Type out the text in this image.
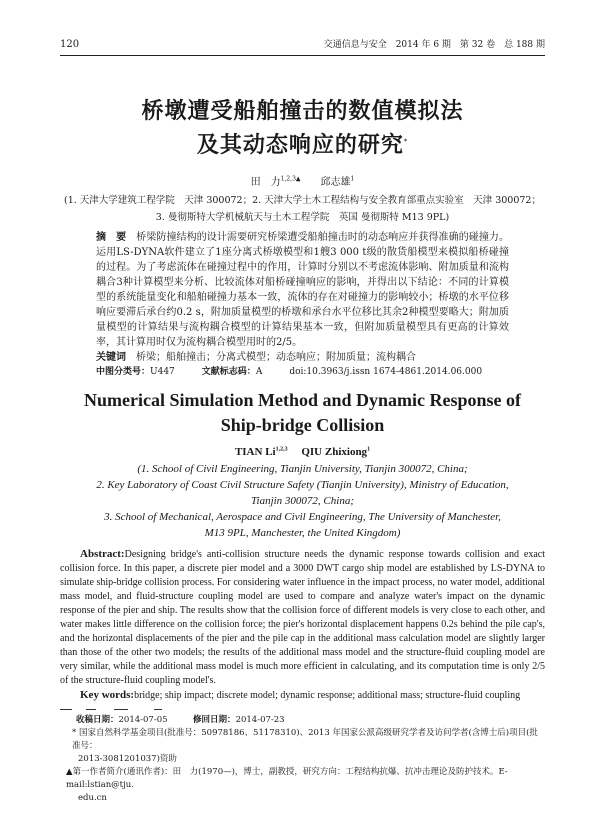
120	交通信息与安全　2014 年 6 期　第 32 卷　总 188 期
桥墩遭受船舶撞击的数值模拟法
及其动态响应的研究*
田　力$^{1,2,3▲}$　　 邱志雄$^1$
(1. 天津大学建筑工程学院　天津 300072；2. 天津大学土木工程结构与安全教育部重点实验室　天津 300072；
3. 曼彻斯特大学机械航天与土木工程学院　英国 曼彻斯特 M13 9PL)
摘　要 桥梁防撞结构的设计需要研究桥梁遭受船舶撞击时的动态响应并获得准确的碰撞力。运用LS-DYNA软件建立了1座分离式桥墩模型和1艘3 000 t级的散货船模型来模拟船桥碰撞的过程。为了考虑流体在碰撞过程中的作用，计算时分别以不考虑流体影响、附加质量和流构耦合3种计算模型来分析、比较流体对船桥碰撞响应的影响，并得出以下结论：不同的计算模型的系统能量变化和船舶碰撞力基本一致，流体的存在对碰撞力的影响较小；桥墩的水平位移响应要滞后承台约0.2 s，附加质量模型的桥墩和承台水平位移比其余2种模型要略大；附加质量模型的计算结果与流构耦合模型的计算结果基本一致，但附加质量模型具有更高的计算效率，其计算用时仅为流构耦合模型用时的2/5。
关键词 桥梁；船舶撞击；分离式模型；动态响应；附加质量；流构耦合
中图分类号：U447　　　	文献标志码：A　　　	doi:10.3963/j.issn 1674-4861.2014.06.000
Numerical Simulation Method and Dynamic Response of
Ship-bridge Collision
TIAN Li$^{1,2,3}$　 QIU Zhixiong$^1$
(1. School of Civil Engineering, Tianjin University, Tianjin 300072, China;
2. Key Laboratory of Coast Civil Structure Safety (Tianjin University), Ministry of Education,
Tianjin 300072, China;
3. School of Mechanical, Aerospace and Civil Engineering, The University of Manchester,
M13 9PL, Manchester, the United Kingdom)
Abstract:Designing bridge's anti-collision structure needs the dynamic response towards collision and exact collision force. In this paper, a discrete pier model and a 3000 DWT cargo ship model are established by LS-DYNA to simulate ship-bridge collision process. For considering water influence in the impact process, no water model, additional mass model, and fluid-structure coupling model are used to compare and analyze water's impact on the dynamic response of the pier and ship. The results show that the collision force of different models is very close to each other, and water makes little difference on the collision force; the pier's horizontal displacement happens 0.2s behind the pile cap's, and the horizontal displacements of the pier and the pile cap in the additional mass calculation model are slightly larger than those of the other two models; the results of the additional mass model and the structure-fluid coupling model are very similar, while the additional mass model is much more efficient in calculating, and its computation time is only 2/5 of the structure-fluid coupling model's.
Key words:bridge; ship impact; discrete model; dynamic response; additional mass; structure-fluid coupling
收稿日期：2014-07-05　　　	修回日期：2014-07-23
* 国家自然科学基金项目(批准号：50978186、51178310)、2013 年国家公派高级研究学者及访问学者(含博士后)项目(批准号：
2013-3081201037)资助
▲第一作者简介(通讯作者)：田　力(1970—)，博士，副教授，研究方向：工程结构抗爆、抗冲击理论及防护技术。E-mail:lstian@tju.
edu.cn
